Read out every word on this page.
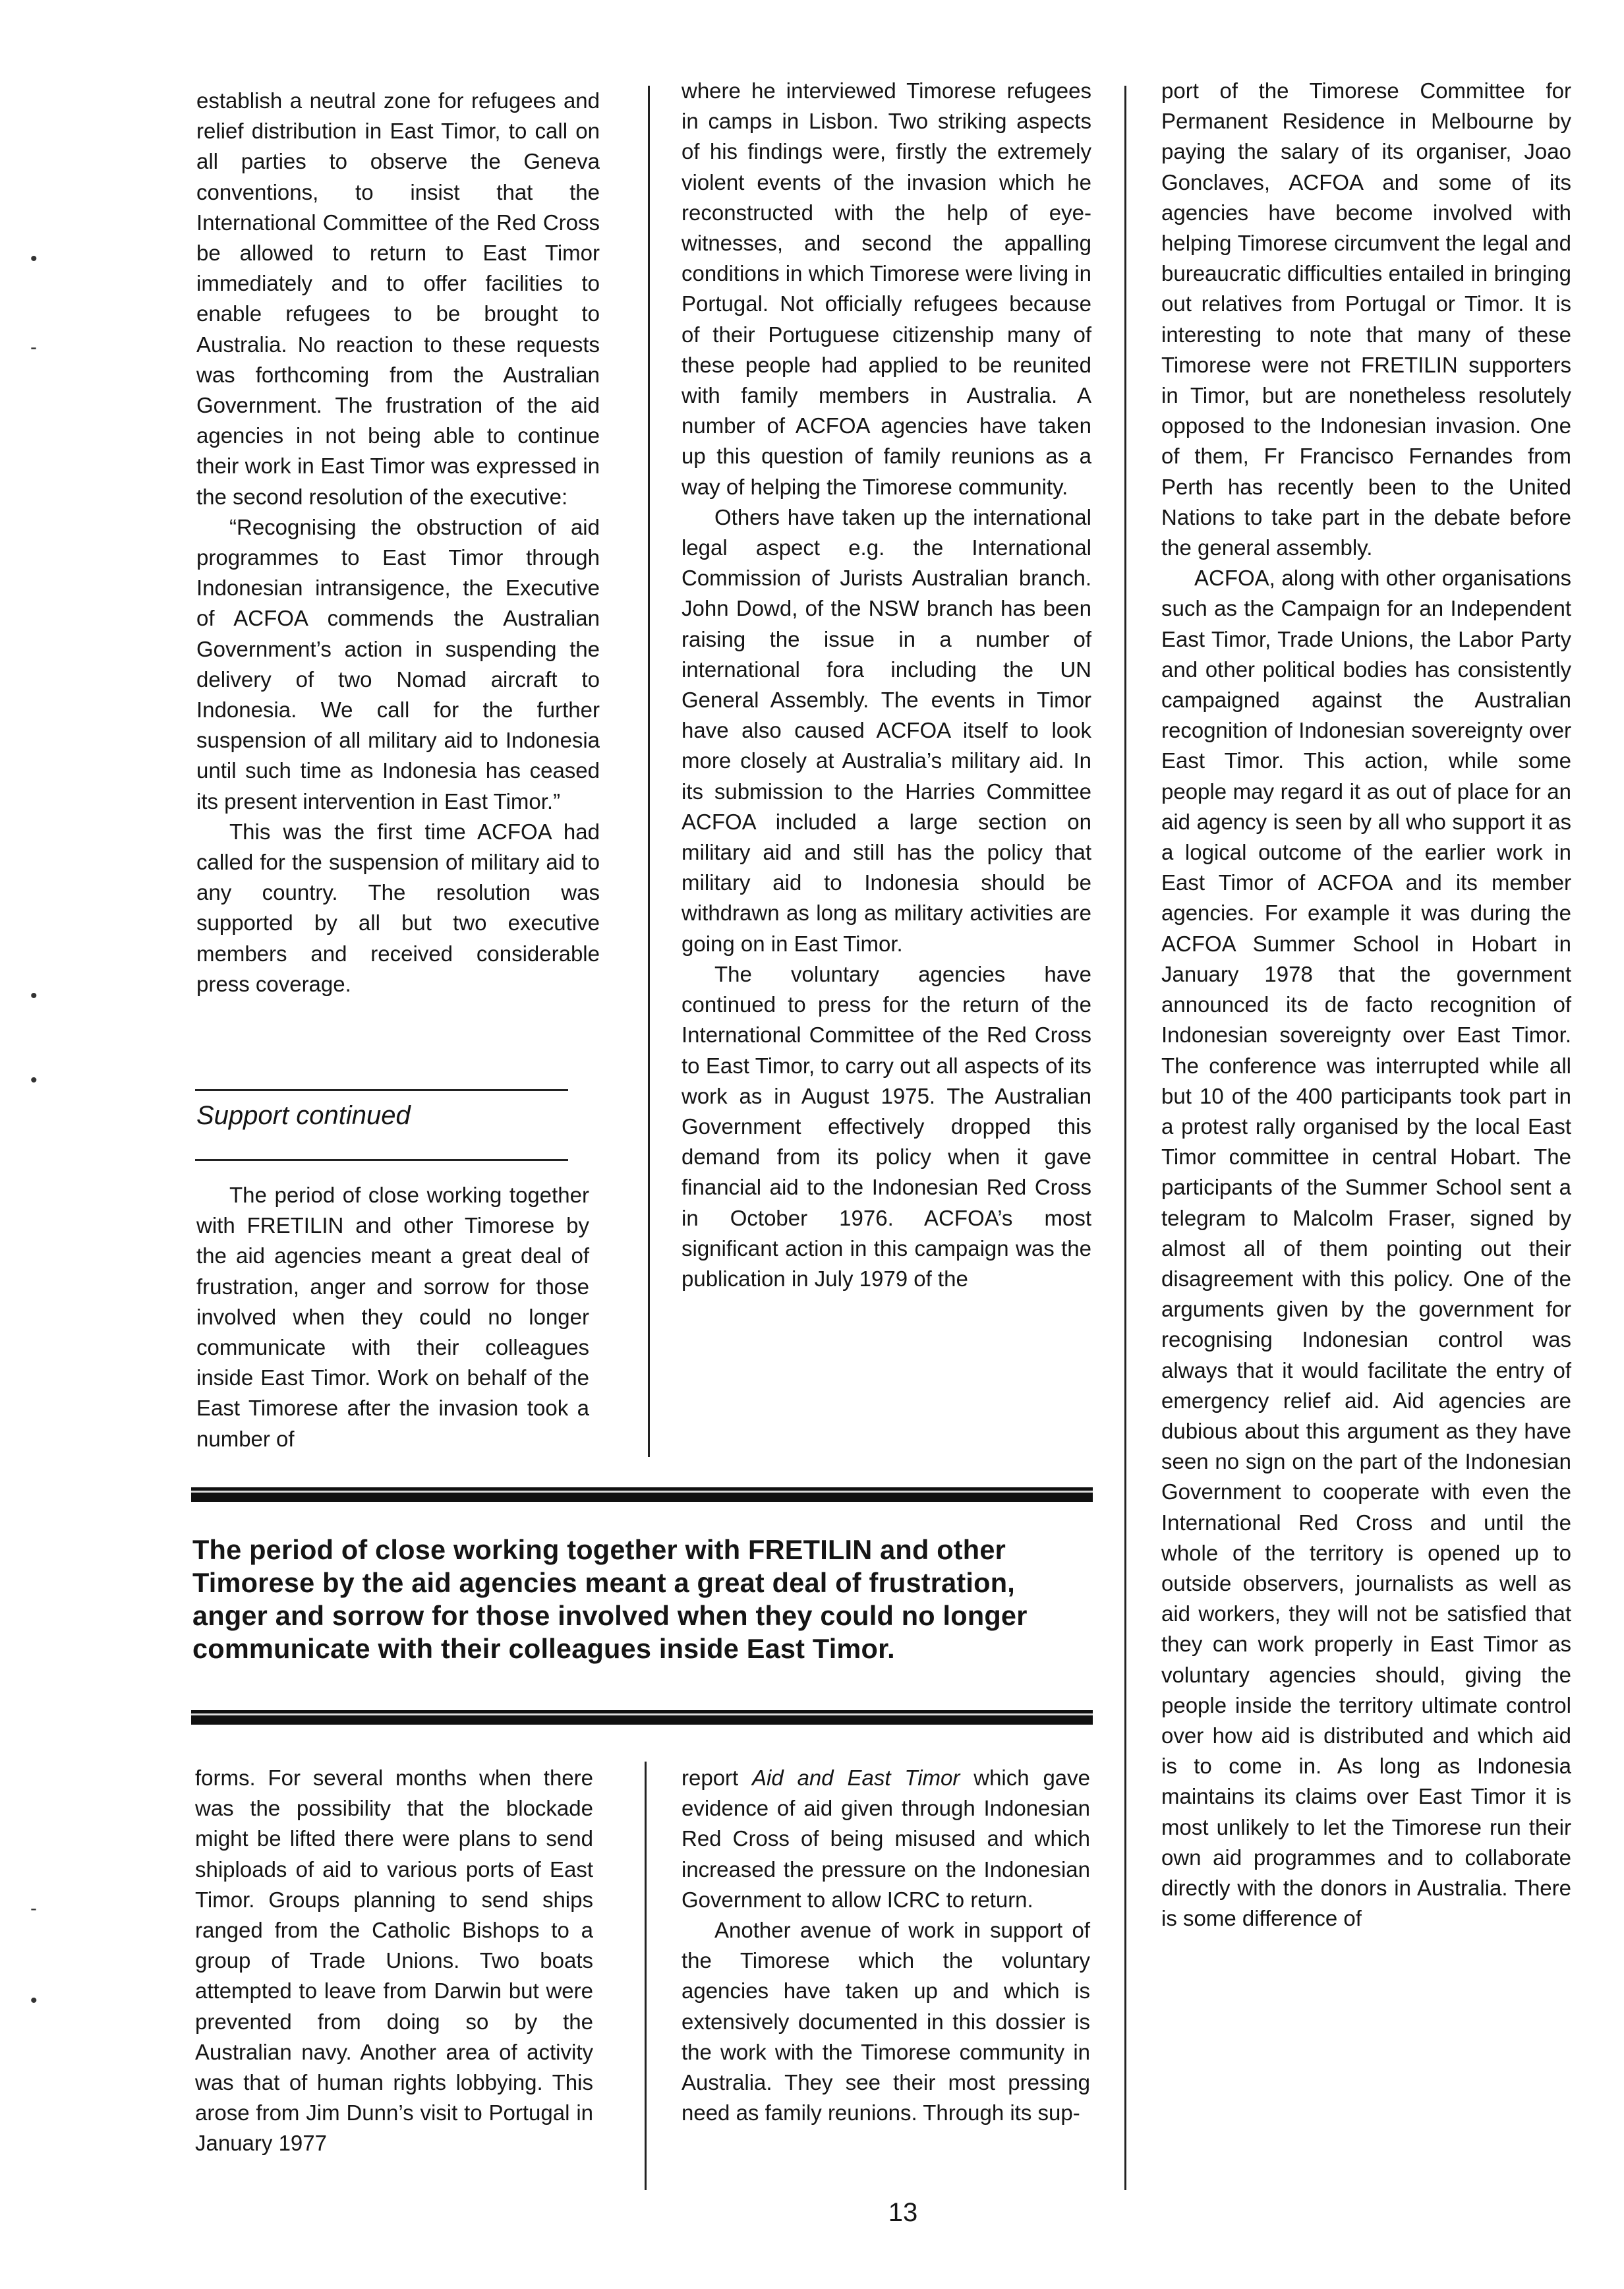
establish a neutral zone for refugees and relief distribution in East Timor, to call on all parties to observe the Geneva conventions, to insist that the International Committee of the Red Cross be allowed to return to East Timor immediately and to offer facilities to enable refugees to be brought to Australia. No reaction to these requests was forthcoming from the Australian Government. The frustration of the aid agencies in not being able to continue their work in East Timor was expressed in the second resolution of the executive:

“Recognising the obstruction of aid programmes to East Timor through Indonesian intransigence, the Executive of ACFOA commends the Australian Government’s action in suspending the delivery of two Nomad aircraft to Indonesia. We call for the further suspension of all military aid to Indonesia until such time as Indonesia has ceased its present intervention in East Timor.”

This was the first time ACFOA had called for the suspension of military aid to any country. The resolution was supported by all but two executive members and received considerable press coverage.

Support continued

The period of close working together with FRETILIN and other Timorese by the aid agencies meant a great deal of frustration, anger and sorrow for those involved when they could no longer communicate with their colleagues inside East Timor. Work on behalf of the East Timorese after the invasion took a number of

where he interviewed Timorese refugees in camps in Lisbon. Two striking aspects of his findings were, firstly the extremely violent events of the invasion which he reconstructed with the help of eye-witnesses, and second the appalling conditions in which Timorese were living in Portugal. Not officially refugees because of their Portuguese citizenship many of these people had applied to be reunited with family members in Australia. A number of ACFOA agencies have taken up this question of family reunions as a way of helping the Timorese community.

Others have taken up the international legal aspect e.g. the International Commission of Jurists Australian branch. John Dowd, of the NSW branch has been raising the issue in a number of international fora including the UN General Assembly. The events in Timor have also caused ACFOA itself to look more closely at Australia’s military aid. In its submission to the Harries Committee ACFOA included a large section on military aid and still has the policy that military aid to Indonesia should be withdrawn as long as military activities are going on in East Timor.

The voluntary agencies have continued to press for the return of the International Committee of the Red Cross to East Timor, to carry out all aspects of its work as in August 1975. The Australian Government effectively dropped this demand from its policy when it gave financial aid to the Indonesian Red Cross in October 1976. ACFOA’s most significant action in this campaign was the publication in July 1979 of the

port of the Timorese Committee for Permanent Residence in Melbourne by paying the salary of its organiser, Joao Gonclaves, ACFOA and some of its agencies have become involved with helping Timorese circumvent the legal and bureaucratic difficulties entailed in bringing out relatives from Portugal or Timor. It is interesting to note that many of these Timorese were not FRETILIN supporters in Timor, but are nonetheless resolutely opposed to the Indonesian invasion. One of them, Fr Francisco Fernandes from Perth has recently been to the United Nations to take part in the debate before the general assembly.

ACFOA, along with other organisations such as the Campaign for an Independent East Timor, Trade Unions, the Labor Party and other political bodies has consistently campaigned against the Australian recognition of Indonesian sovereignty over East Timor. This action, while some people may regard it as out of place for an aid agency is seen by all who support it as a logical outcome of the earlier work in East Timor of ACFOA and its member agencies. For example it was during the ACFOA Summer School in Hobart in January 1978 that the government announced its de facto recognition of Indonesian sovereignty over East Timor. The conference was interrupted while all but 10 of the 400 participants took part in a protest rally organised by the local East Timor committee in central Hobart. The participants of the Summer School sent a telegram to Malcolm Fraser, signed by almost all of them pointing out their disagreement with this policy. One of the arguments given by the government for recognising Indonesian control was always that it would facilitate the entry of emergency relief aid. Aid agencies are dubious about this argument as they have seen no sign on the part of the Indonesian Government to cooperate with even the International Red Cross and until the whole of the territory is opened up to outside observers, journalists as well as aid workers, they will not be satisfied that they can work properly in East Timor as voluntary agencies should, giving the people inside the territory ultimate control over how aid is distributed and which aid is to come in. As long as Indonesia maintains its claims over East Timor it is most unlikely to let the Timorese run their own aid programmes and to collaborate directly with the donors in Australia. There is some difference of

The period of close working together with FRETILIN and other Timorese by the aid agencies meant a great deal of frustration, anger and sorrow for those involved when they could no longer communicate with their colleagues inside East Timor.

forms. For several months when there was the possibility that the blockade might be lifted there were plans to send shiploads of aid to various ports of East Timor. Groups planning to send ships ranged from the Catholic Bishops to a group of Trade Unions. Two boats attempted to leave from Darwin but were prevented from doing so by the Australian navy. Another area of activity was that of human rights lobbying. This arose from Jim Dunn’s visit to Portugal in January 1977

report Aid and East Timor which gave evidence of aid given through Indonesian Red Cross of being misused and which increased the pressure on the Indonesian Government to allow ICRC to return.

Another avenue of work in support of the Timorese which the voluntary agencies have taken up and which is extensively documented in this dossier is the work with the Timorese community in Australia. They see their most pressing need as family reunions. Through its sup-

13
•
-
•
•
-
•
